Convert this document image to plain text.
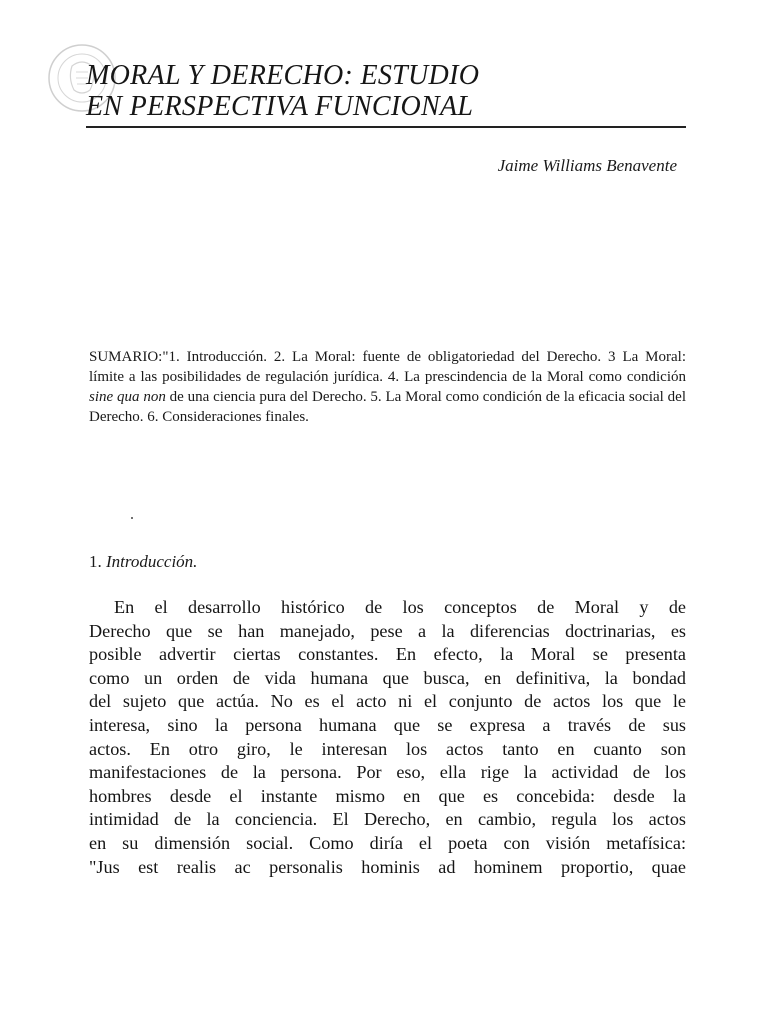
MORAL Y DERECHO: ESTUDIO
EN PERSPECTIVA FUNCIONAL
Jaime Williams Benavente

SUMARIO:"1. Introducción. 2. La Moral: fuente de obligatoriedad del Derecho. 3 La Moral: límite a las posibilidades de regulación jurídica. 4. La prescindencia de la Moral como condición sine qua non de una ciencia pura del Derecho. 5. La Moral como condición de la eficacia social del Derecho. 6. Consideraciones finales.

1. Introducción.
En el desarrollo histórico de los conceptos de Moral y de
Derecho que se han manejado, pese a la diferencias doctrinarias, es
posible advertir ciertas constantes. En efecto, la Moral se presenta
como un orden de vida humana que busca, en definitiva, la bondad
del sujeto que actúa. No es el acto ni el conjunto de actos los que le
interesa, sino la persona humana que se expresa a través de sus
actos. En otro giro, le interesan los actos tanto en cuanto son
manifestaciones de la persona. Por eso, ella rige la actividad de los
hombres desde el instante mismo en que es concebida: desde la
intimidad de la conciencia. El Derecho, en cambio, regula los actos
en su dimensión social. Como diría el poeta con visión metafísica:
"Jus est realis ac personalis hominis ad hominem proportio, quae
